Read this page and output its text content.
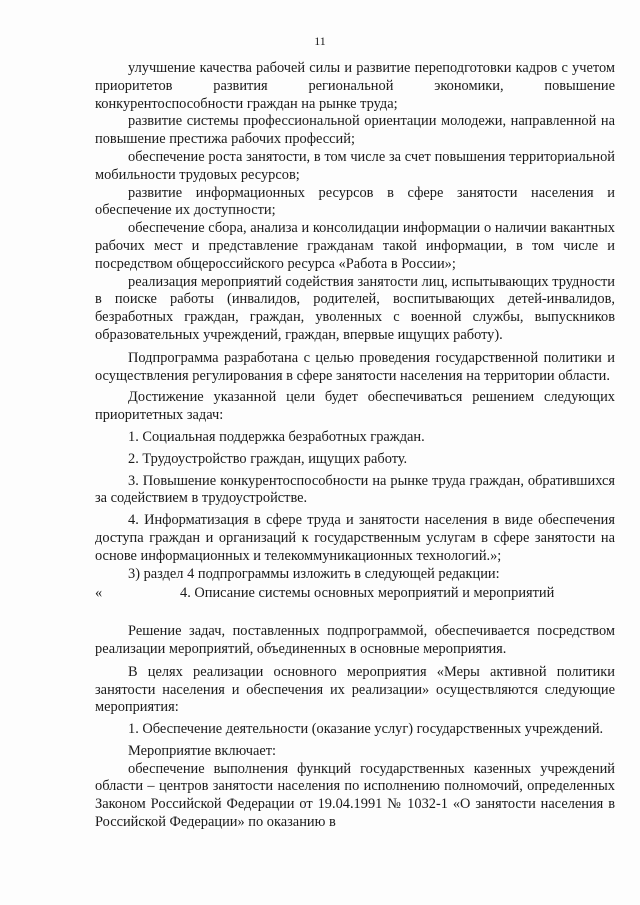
11

улучшение качества рабочей силы и развитие переподготовки кадров с учетом приоритетов развития региональной экономики, повышение конкурентоспособности граждан на рынке труда;

развитие системы профессиональной ориентации молодежи, направленной на повышение престижа рабочих профессий;

обеспечение роста занятости, в том числе за счет повышения территориальной мобильности трудовых ресурсов;

развитие информационных ресурсов в сфере занятости населения и обеспечение их доступности;

обеспечение сбора, анализа и консолидации информации о наличии вакантных рабочих мест и представление гражданам такой информации, в том числе и посредством общероссийского ресурса «Работа в России»;

реализация мероприятий содействия занятости лиц, испытывающих трудности в поиске работы (инвалидов, родителей, воспитывающих детей-инвалидов, безработных граждан, граждан, уволенных с военной службы, выпускников образовательных учреждений, граждан, впервые ищущих работу).

Подпрограмма разработана с целью проведения государственной политики и осуществления регулирования в сфере занятости населения на территории области.

Достижение указанной цели будет обеспечиваться решением следующих приоритетных задач:

1. Социальная поддержка безработных граждан.

2. Трудоустройство граждан, ищущих работу.

3. Повышение конкурентоспособности на рынке труда граждан, обратившихся за содействием в трудоустройстве.

4. Информатизация в сфере труда и занятости населения в виде обеспечения доступа граждан и организаций к государственным услугам в сфере занятости на основе информационных и телекоммуникационных технологий.»;

3) раздел 4 подпрограммы изложить в следующей редакции:

«	4. Описание системы основных мероприятий и мероприятий

Решение задач, поставленных подпрограммой, обеспечивается посредством реализации мероприятий, объединенных в основные мероприятия.

В целях реализации основного мероприятия «Меры активной политики занятости населения и обеспечения их реализации» осуществляются следующие мероприятия:

1. Обеспечение деятельности (оказание услуг) государственных учреждений.

Мероприятие включает:

обеспечение выполнения функций государственных казенных учреждений области – центров занятости населения по исполнению полномочий, определенных Законом Российской Федерации от 19.04.1991 № 1032-1 «О занятости населения в Российской Федерации» по оказанию в
